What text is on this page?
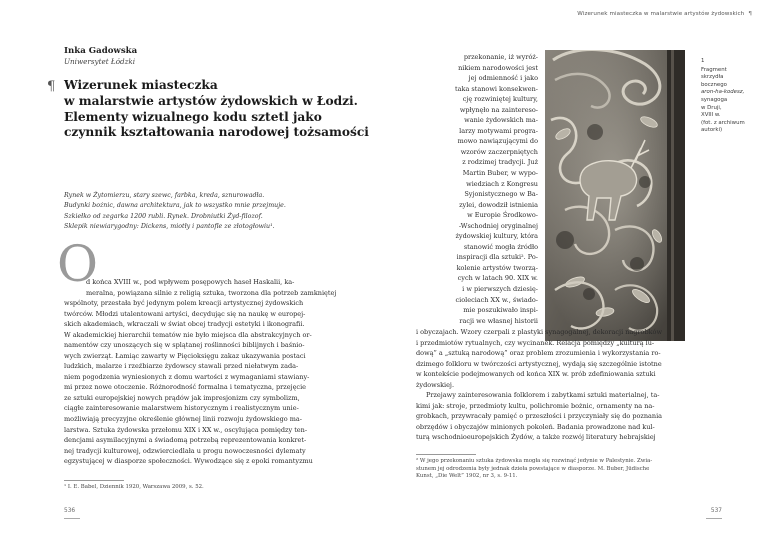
Inka Gadowska
Uniwersytet Łódzki
¶ Wizerunek miasteczka
w malarstwie artystów żydowskich w Łodzi.
Elementy wizualnego kodu sztetl jako
czynnik kształtowania narodowej tożsamości
Rynek w Żytomierzu, stary szewc, farbka, kreda, sznurowadła.
Budynki bożnic, dawna architektura, jak to wszystko mnie przejmuje.
Szkiełko od zegarka 1200 rubli. Rynek. Drobniutki Żyd-filozof.
Sklepik niewiarygodny: Dickens, miotły i pantofle ze złotogłowiu¹.
O
d końca XVIII w., pod wpływem posępowych haseł Haskalii, ka-
meralna, powiązana silnie z religią sztuka, tworzona dla potrzeb zamkniętej
wspólnoty, przestała być jedynym polem kreacji artystycznej żydowskich
twórców. Młodzi utalentowani artyści, decydując się na naukę w europej-
skich akademiach, wkraczali w świat obcej tradycji estetyki i ikonografii.
W akademickiej hierarchii tematów nie było miejsca dla abstrakcyjnych or-
namentów czy unoszących się w splątanej roślinności biblijnych i baśnio-
wych zwierząt. Łamiąc zawarty w Pięcioksięgu zakaz ukazywania postaci
ludzkich, malarze i rzeźbiarze żydowscy stawali przed niełatwym zada-
niem pogodzenia wyniesionych z domu wartości z wymaganiami stawiany-
mi przez nowe otoczenie. Różnorodność formalna i tematyczna, przejęcie
ze sztuki europejskiej nowych prądów jak impresjonizm czy symbolizm,
ciągłe zainteresowanie malarstwem historycznym i realistycznym unie-
możliwiają precyzyjne określenie głównej linii rozwoju żydowskiego ma-
larstwa. Sztuka żydowska przełomu XIX i XX w., oscylująca pomiędzy ten-
dencjami asymilacyjnymi a świadomą potrzebą reprezentowania konkret-
nej tradycji kulturowej, odzwierciedlała u progu nowoczesności dylematy
egzystującej w diasporze społeczności. Wywodzące się z epoki romantyzmu
¹ I. E. Babel, Dziennik 1920, Warszawa 2009, s. 52.
536
Wizerunek miasteczka w malarstwie artystów żydowskich ¶
przekonanie, iż wyróż-
nikiem narodowości jest
jej odmienność i jako
taka stanowi konsekwen-
cję rozwiniętej kultury,
wpłynęło na zaintereso-
wanie żydowskich ma-
larzy motywami progra-
mowo nawiązującymi do
wzorów zaczerpniętych
z rodzimej tradycji. Już
Martin Buber, w wypo-
wiedziach z Kongresu
Syjonistycznego w Ba-
zylei, dowodził istnienia
w Europie Środkowo-
-Wschodniej oryginalnej
żydowskiej kultury, która
stanowić mogła źródło
inspiracji dla sztuki². Po-
kolenie artystów tworzą-
cych w latach 90. XIX w.
i w pierwszych dziesię-
cioleciach XX w., świado-
mie poszukiwało inspi-
racji we własnej historii
1
Fragment
skrzydła
bocznego
aron-ha-kodesz,
synagoga
w Druji,
XVIII w.
(fot. z archiwum
autorki)
i obyczajach. Wzory czerpali z plastyki synagogalnej, dekoracji nagrobków
i przedmiotów rytualnych, czy wycinanek. Relacja pomiędzy „kulturą lu-
dową” a „sztuką narodową” oraz problem zrozumienia i wykorzystania ro-
dzimego folkloru w twórczości artystycznej, wydają się szczególnie istotne
w kontekście podejmowanych od końca XIX w. prób zdefiniowania sztuki
żydowskiej.
Przejawy zainteresowania folklorem i zabytkami sztuki materialnej, ta-
kimi jak: stroje, przedmioty kultu, polichromie bożnic, ornamenty na na-
grobkach, przywracały pamięć o przeszłości i przyczyniały się do poznania
obrzędów i obyczajów minionych pokoleń. Badania prowadzone nad kul-
turą wschodnioeuropejskich Żydów, a także rozwój literatury hebrajskiej
² W jego przekonaniu sztuka żydowska mogła się rozwinąć jedynie w Palestynie. Zwia-
stunem jej odrodzenia były jednak dzieła powstające w diasporze. M. Buber, Jüdische
Kunst, „Die Welt” 1902, nr 3, s. 9-11.
537
